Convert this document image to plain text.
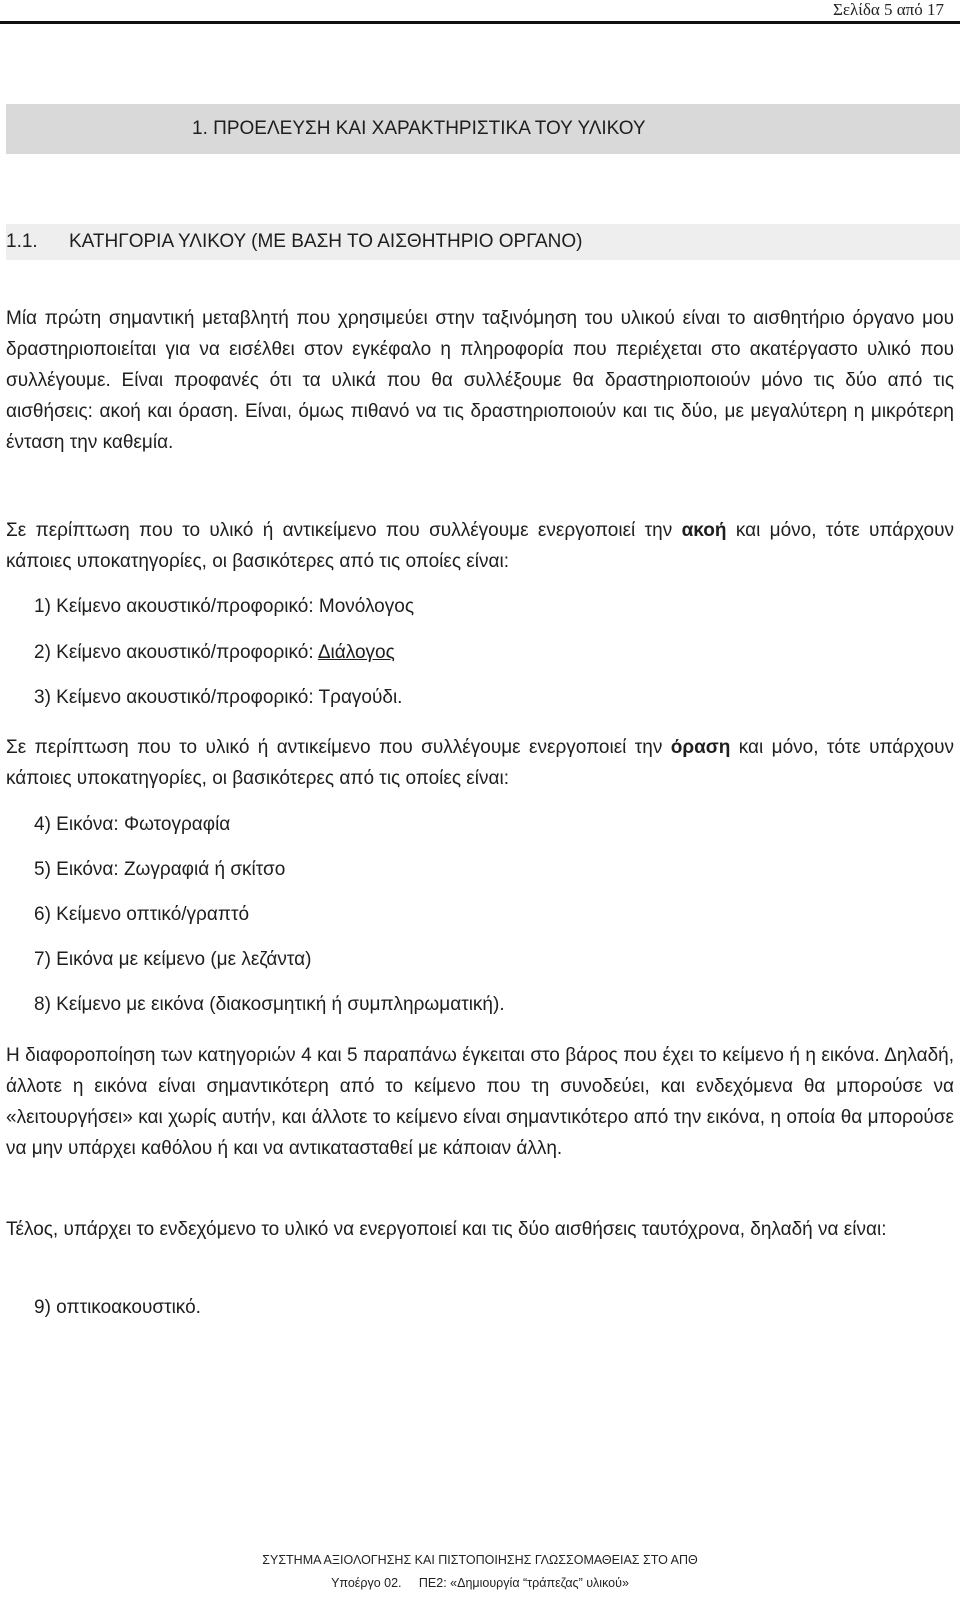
Σελίδα 5 από 17
1. ΠΡΟΕΛΕΥΣΗ ΚΑΙ ΧΑΡΑΚΤΗΡΙΣΤΙΚΑ ΤΟΥ ΥΛΙΚΟΥ
1.1. ΚΑΤΗΓΟΡΙΑ ΥΛΙΚΟΥ (ΜΕ ΒΑΣΗ ΤΟ ΑΙΣΘΗΤΗΡΙΟ ΟΡΓΑΝΟ)
Μία πρώτη σημαντική μεταβλητή που χρησιμεύει στην ταξινόμηση του υλικού είναι το αισθητήριο όργανο μου δραστηριοποιείται για να εισέλθει στον εγκέφαλο η πληροφορία που περιέχεται στο ακατέργαστο υλικό που συλλέγουμε. Είναι προφανές ότι τα υλικά που θα συλλέξουμε θα δραστηριοποιούν μόνο τις δύο από τις αισθήσεις: ακοή και όραση. Είναι, όμως πιθανό να τις δραστηριοποιούν και τις δύο, με μεγαλύτερη η μικρότερη ένταση την καθεμία.
Σε περίπτωση που το υλικό ή αντικείμενο που συλλέγουμε ενεργοποιεί την ακοή και μόνο, τότε υπάρχουν κάποιες υποκατηγορίες, οι βασικότερες από τις οποίες είναι:
1) Κείμενο ακουστικό/προφορικό: Μονόλογος
2) Κείμενο ακουστικό/προφορικό: Διάλογος
3) Κείμενο ακουστικό/προφορικό: Τραγούδι.
Σε περίπτωση που το υλικό ή αντικείμενο που συλλέγουμε ενεργοποιεί την όραση και μόνο, τότε υπάρχουν κάποιες υποκατηγορίες, οι βασικότερες από τις οποίες είναι:
4) Εικόνα: Φωτογραφία
5) Εικόνα: Ζωγραφιά ή σκίτσο
6) Κείμενο οπτικό/γραπτό
7) Εικόνα με κείμενο (με λεζάντα)
8) Κείμενο με εικόνα (διακοσμητική ή συμπληρωματική).
Η διαφοροποίηση των κατηγοριών 4 και 5 παραπάνω έγκειται στο βάρος που έχει το κείμενο ή η εικόνα. Δηλαδή, άλλοτε η εικόνα είναι σημαντικότερη από το κείμενο που τη συνοδεύει, και ενδεχόμενα θα μπορούσε να «λειτουργήσει» και χωρίς αυτήν, και άλλοτε το κείμενο είναι σημαντικότερο από την εικόνα, η οποία θα μπορούσε να μην υπάρχει καθόλου ή και να αντικατασταθεί με κάποιαν άλλη.
Τέλος, υπάρχει το ενδεχόμενο το υλικό να ενεργοποιεί και τις δύο αισθήσεις ταυτόχρονα, δηλαδή να είναι:
9) οπτικοακουστικό.
ΣΥΣΤΗΜΑ ΑΞΙΟΛΟΓΗΣΗΣ ΚΑΙ ΠΙΣΤΟΠΟΙΗΣΗΣ ΓΛΩΣΣΟΜΑΘΕΙΑΣ ΣΤΟ ΑΠΘ
Υποέργο 02.     ΠΕ2: «Δημιουργία “τράπεζας” υλικού»
